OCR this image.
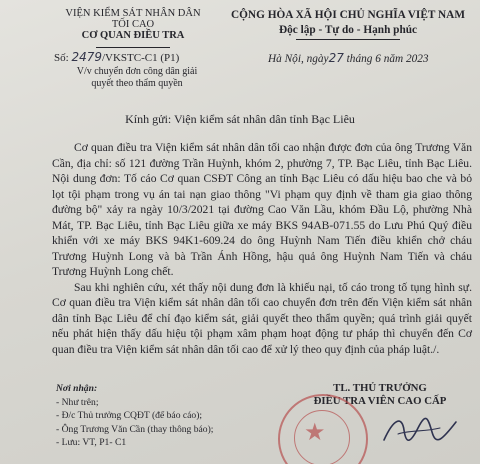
VIỆN KIỂM SÁT NHÂN DÂN
TỐI CAO
CƠ QUAN ĐIỀU TRA
Số: 2479/VKSTC-C1 (P1)
V/v chuyển đơn công dân giải
quyết theo thẩm quyền
CỘNG HÒA XÃ HỘI CHỦ NGHĨA VIỆT NAM
Độc lập - Tự do - Hạnh phúc
Hà Nội, ngày27 tháng 6 năm 2023
Kính gửi: Viện kiểm sát nhân dân tỉnh Bạc Liêu

Cơ quan điều tra Viện kiểm sát nhân dân tối cao nhận được đơn của ông Trương Văn Cần, địa chỉ: số 121 đường Trần Huỳnh, khóm 2, phường 7, TP. Bạc Liêu, tỉnh Bạc Liêu. Nội dung đơn: Tố cáo Cơ quan CSĐT Công an tỉnh Bạc Liêu có dấu hiệu bao che và bỏ lọt tội phạm trong vụ án tai nạn giao thông "Vi phạm quy định về tham gia giao thông đường bộ" xảy ra ngày 10/3/2021 tại đường Cao Văn Lầu, khóm Đầu Lộ, phường Nhà Mát, TP. Bạc Liêu, tỉnh Bạc Liêu giữa xe máy BKS 94AB-071.55 do Lưu Phú Quý điều khiển với xe máy BKS 94K1-609.24 do ông Huỳnh Nam Tiến điều khiển chở cháu Trương Huỳnh Long và bà Trần Ánh Hồng, hậu quả ông Huỳnh Nam Tiến và cháu Trương Huỳnh Long chết.

Sau khi nghiên cứu, xét thấy nội dung đơn là khiếu nại, tố cáo trong tố tụng hình sự. Cơ quan điều tra Viện kiểm sát nhân dân tối cao chuyển đơn trên đến Viện kiểm sát nhân dân tỉnh Bạc Liêu để chỉ đạo kiểm sát, giải quyết theo thẩm quyền; quá trình giải quyết nếu phát hiện thấy dấu hiệu tội phạm xâm phạm hoạt động tư pháp thì chuyển đến Cơ quan điều tra Viện kiểm sát nhân dân tối cao để xử lý theo quy định của pháp luật./.

Nơi nhận:
- Như trên;
- Đ/c Thủ trưởng CQĐT (để báo cáo);
- Ông Trương Văn Cần (thay thông báo);
- Lưu: VT, P1- C1
TL. THỦ TRƯỞNG
ĐIỀU TRA VIÊN CAO CẤP
★
